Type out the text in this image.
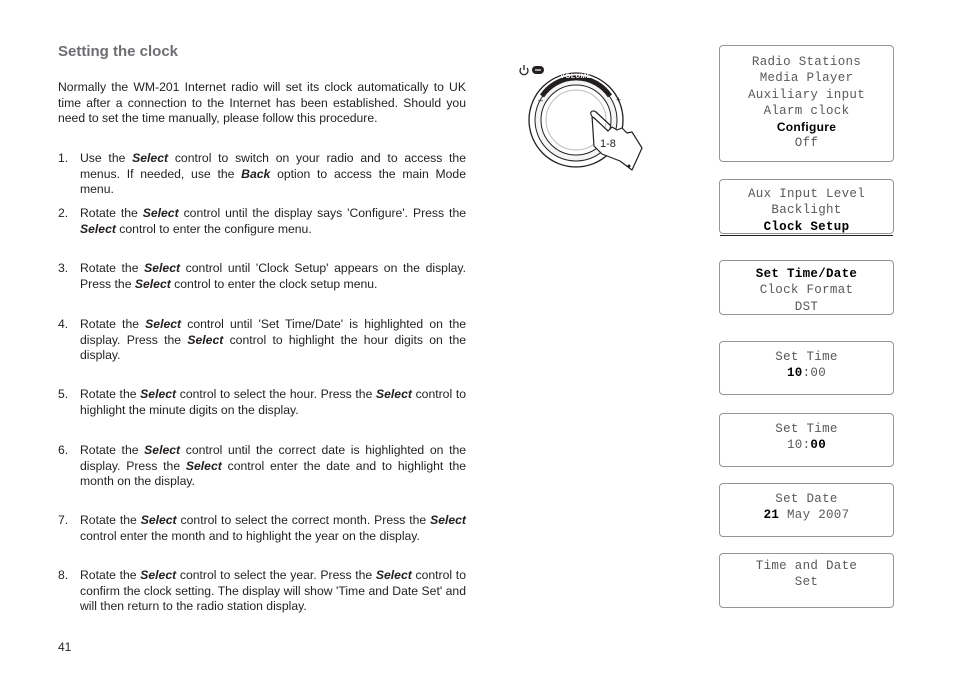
Setting the clock
Normally the WM-201 Internet radio will set its clock automatically to UK time after a connection to the Internet has been established. Should you need to set the time manually, please follow this procedure.
1. Use the Select control to switch on your radio and to access the menus. If needed, use the Back option to access the main Mode menu.
2. Rotate the Select control until the display says 'Configure'. Press the Select control to enter the configure menu.
3. Rotate the Select control until 'Clock Setup' appears on the display. Press the Select control to enter the clock setup menu.
4. Rotate the Select control until 'Set Time/Date' is highlighted on the display. Press the Select control to highlight the hour digits on the display.
5. Rotate the Select control to select the hour. Press the Select control to highlight the minute digits on the display.
6. Rotate the Select control until the correct date is highlighted on the display. Press the Select control enter the date and to highlight the month on the display.
7. Rotate the Select control to select the correct month. Press the Select control enter the month and to highlight the year on the display.
8. Rotate the Select control to select the year. Press the Select control to confirm the clock setting. The display will show 'Time and Date Set' and will then return to the radio station display.
VOLUME
–	+
1-8
Radio Stations
Media Player
Auxiliary input
Alarm clock
Configure
Off
Aux Input Level
Backlight
Clock Setup
Set Time/Date
Clock Format
DST
Set Time
10:00
Set Time
10:00
Set Date
21 May 2007
Time and Date
Set
41
